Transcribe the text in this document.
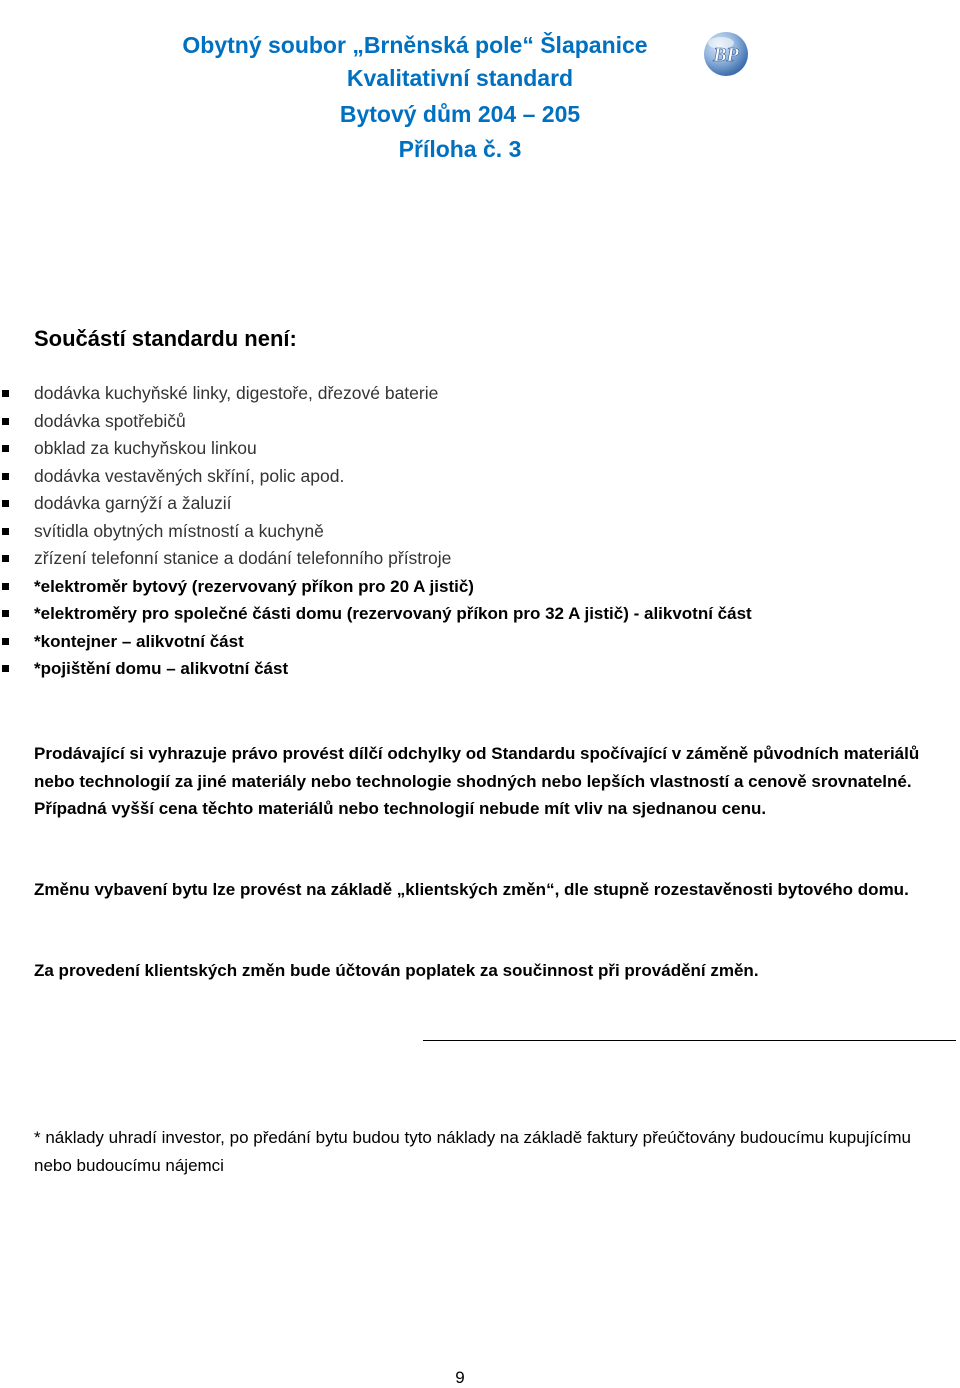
Obytný soubor „Brněnská pole“ Šlapanice
Kvalitativní standard
Bytový dům 204 – 205
Příloha č. 3
BP
Součástí standardu není:
dodávka kuchyňské linky, digestoře, dřezové baterie
dodávka spotřebičů
obklad za kuchyňskou linkou
dodávka vestavěných skříní, polic apod.
dodávka garnýží a žaluzií
svítidla obytných místností a kuchyně
zřízení telefonní stanice a dodání telefonního přístroje
*elektroměr bytový (rezervovaný příkon pro 20 A jistič)
*elektroměry pro společné části domu (rezervovaný příkon pro 32 A jistič) - alikvotní část
*kontejner – alikvotní část
*pojištění domu – alikvotní část
Prodávající si vyhrazuje právo provést dílčí odchylky od Standardu spočívající v záměně původních materiálů nebo technologií za jiné materiály nebo technologie shodných nebo lepších vlastností a cenově srovnatelné. Případná vyšší cena těchto materiálů nebo technologií nebude mít vliv na sjednanou cenu.
Změnu vybavení bytu lze provést na základě „klientských změn“, dle stupně rozestavěnosti bytového domu.
Za provedení klientských změn bude účtován poplatek za součinnost při provádění změn.
* náklady uhradí investor, po předání bytu budou tyto náklady na základě faktury přeúčtovány budoucímu kupujícímu nebo budoucímu nájemci
9
